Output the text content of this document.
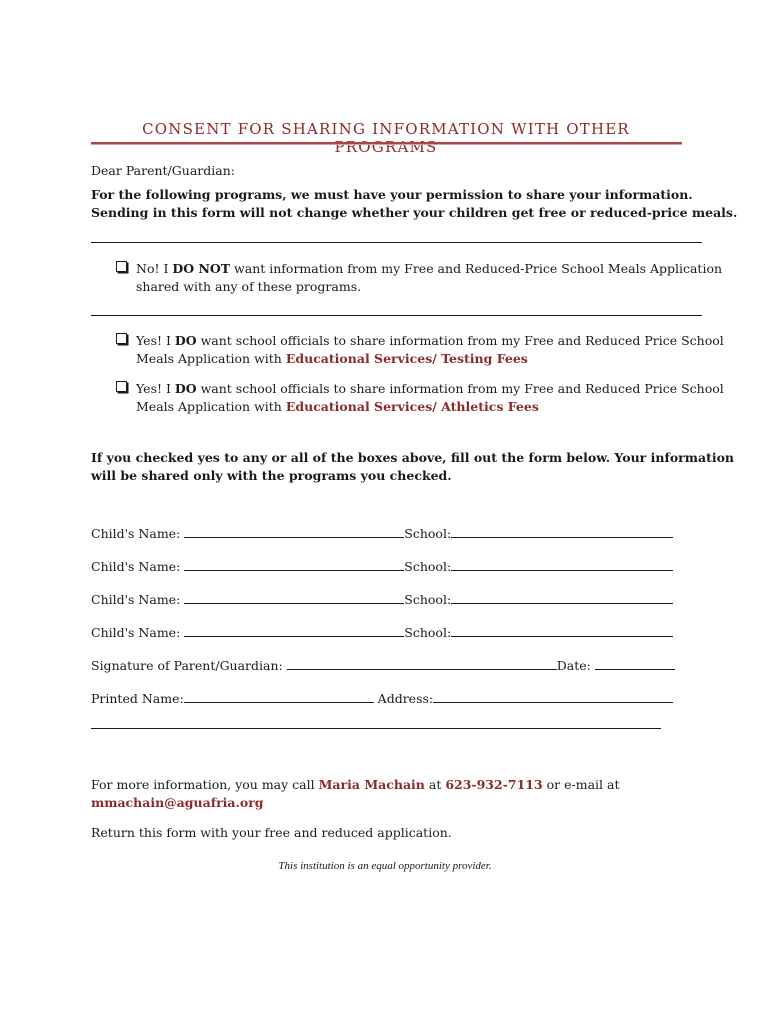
CONSENT FOR SHARING INFORMATION WITH OTHER PROGRAMS
Dear Parent/Guardian:
For the following programs, we must have your permission to share your information.
Sending in this form will not change whether your children get free or reduced-price meals.
No! I DO NOT want information from my Free and Reduced-Price School Meals Application
shared with any of these programs.
Yes! I DO want school officials to share information from my Free and Reduced Price School
Meals Application with Educational Services/ Testing Fees
Yes! I DO want school officials to share information from my Free and Reduced Price School
Meals Application with Educational Services/ Athletics Fees
If you checked yes to any or all of the boxes above, fill out the form below. Your information
will be shared only with the programs you checked.
Child's Name:	School:
Child's Name:	School:
Child's Name:	School:
Child's Name:	School:
Signature of Parent/Guardian:	Date:
Printed Name:	Address:
For more information, you may call Maria Machain at 623-932-7113 or e-mail at
mmachain@aguafria.org
Return this form with your free and reduced application.
This institution is an equal opportunity provider.
